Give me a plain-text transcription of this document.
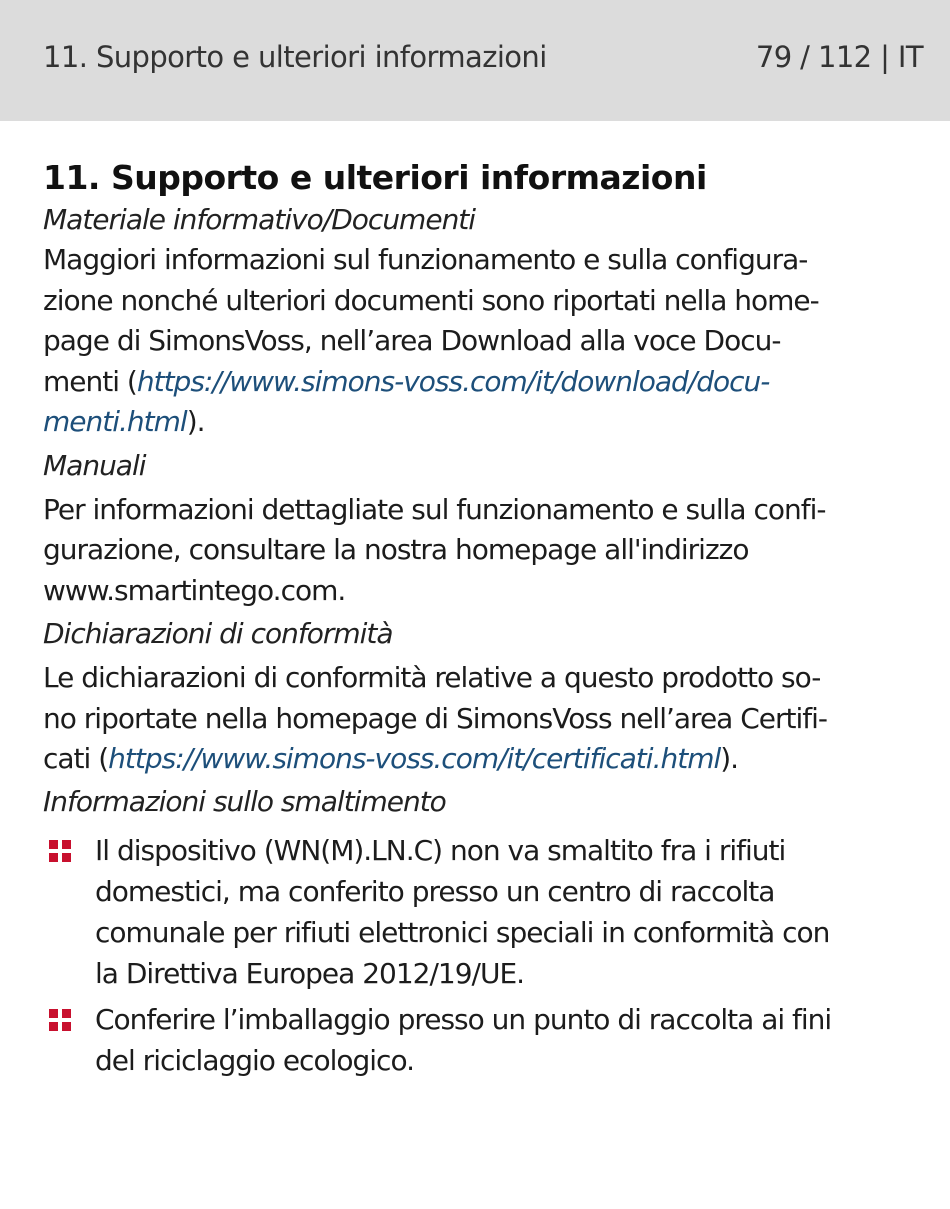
11. Supporto e ulteriori informazioni	79 / 112 | IT
11. Supporto e ulteriori informazioni
Materiale informativo/Documenti
Maggiori informazioni sul funzionamento e sulla configura-
zione nonché ulteriori documenti sono riportati nella home-
page di SimonsVoss, nell’area Download alla voce Docu-
menti (https://www.simons-voss.com/it/download/docu-
menti.html).
Manuali
Per informazioni dettagliate sul funzionamento e sulla confi-
gurazione, consultare la nostra homepage all'indirizzo
www.smartintego.com.
Dichiarazioni di conformità
Le dichiarazioni di conformità relative a questo prodotto so-
no riportate nella homepage di SimonsVoss nell’area Certifi-
cati (https://www.simons-voss.com/it/certificati.html).
Informazioni sullo smaltimento
Il dispositivo (WN(M).LN.C) non va smaltito fra i rifiuti
domestici, ma conferito presso un centro di raccolta
comunale per rifiuti elettronici speciali in conformità con
la Direttiva Europea 2012/19/UE.
Conferire l’imballaggio presso un punto di raccolta ai fini
del riciclaggio ecologico.
